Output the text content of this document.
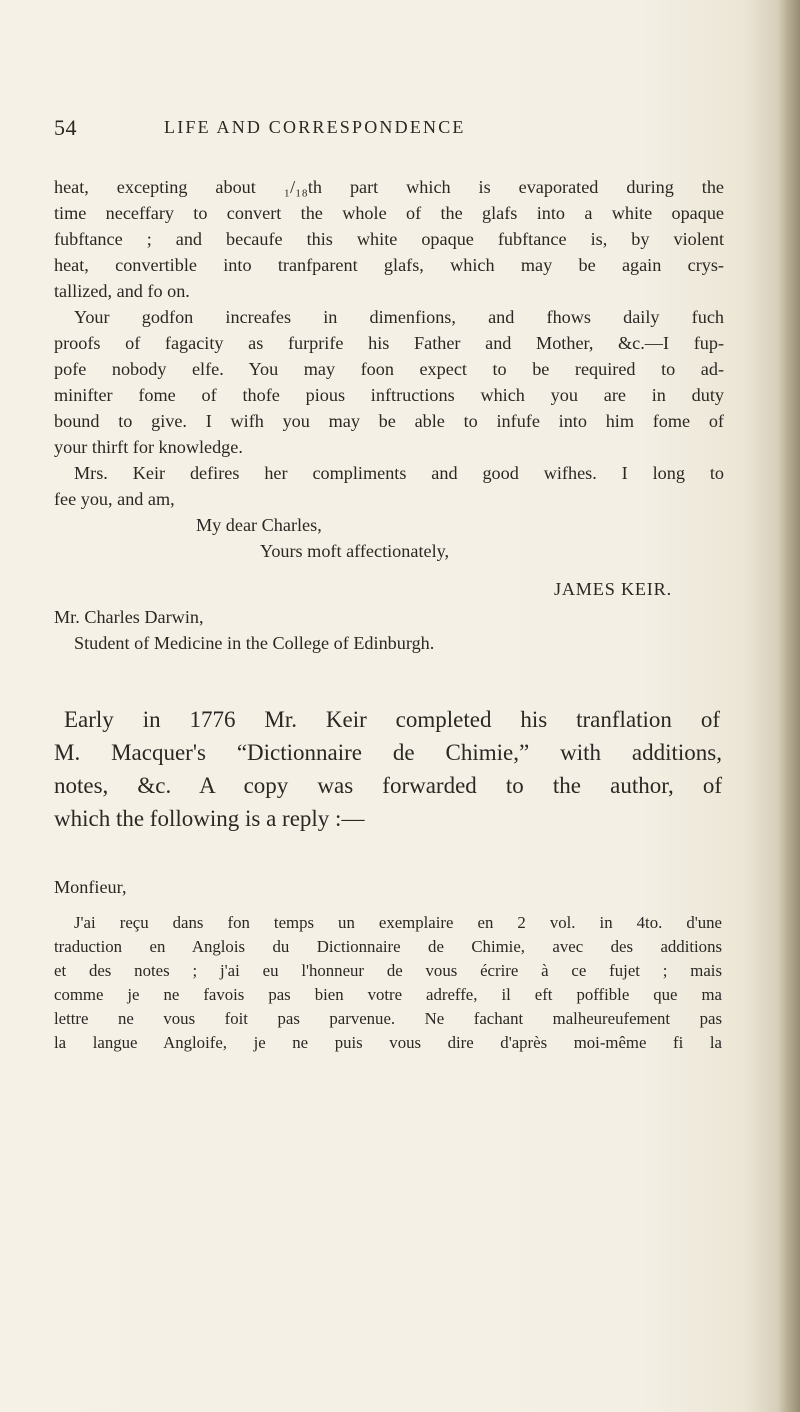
54	LIFE AND CORRESPONDENCE
heat, excepting about ₁/₁₈th part which is evaporated during the
time neceffary to convert the whole of the glafs into a white opaque
fubftance ; and becaufe this white opaque fubftance is, by violent
heat, convertible into tranfparent glafs, which may be again crys-
tallized, and fo on.
Your godfon increafes in dimenfions, and fhows daily fuch
proofs of fagacity as furprife his Father and Mother, &c.—I fup-
pofe nobody elfe. You may foon expect to be required to ad-
minifter fome of thofe pious inftructions which you are in duty
bound to give. I wifh you may be able to infufe into him fome of
your thirft for knowledge.
Mrs. Keir defires her compliments and good wifhes. I long to
fee you, and am,
My dear Charles,
Yours moft affectionately,
JAMES KEIR.
Mr. Charles Darwin,
Student of Medicine in the College of Edinburgh.
Early in 1776 Mr. Keir completed his tranflation of
M. Macquer's “Dictionnaire de Chimie,” with additions,
notes, &c. A copy was forwarded to the author, of
which the following is a reply :—
Monfieur,
J'ai reçu dans fon temps un exemplaire en 2 vol. in 4to. d'une
traduction en Anglois du Dictionnaire de Chimie, avec des additions
et des notes ; j'ai eu l'honneur de vous écrire à ce fujet ; mais
comme je ne favois pas bien votre adreffe, il eft poffible que ma
lettre ne vous foit pas parvenue. Ne fachant malheureufement pas
la langue Angloife, je ne puis vous dire d'après moi-même fi la
